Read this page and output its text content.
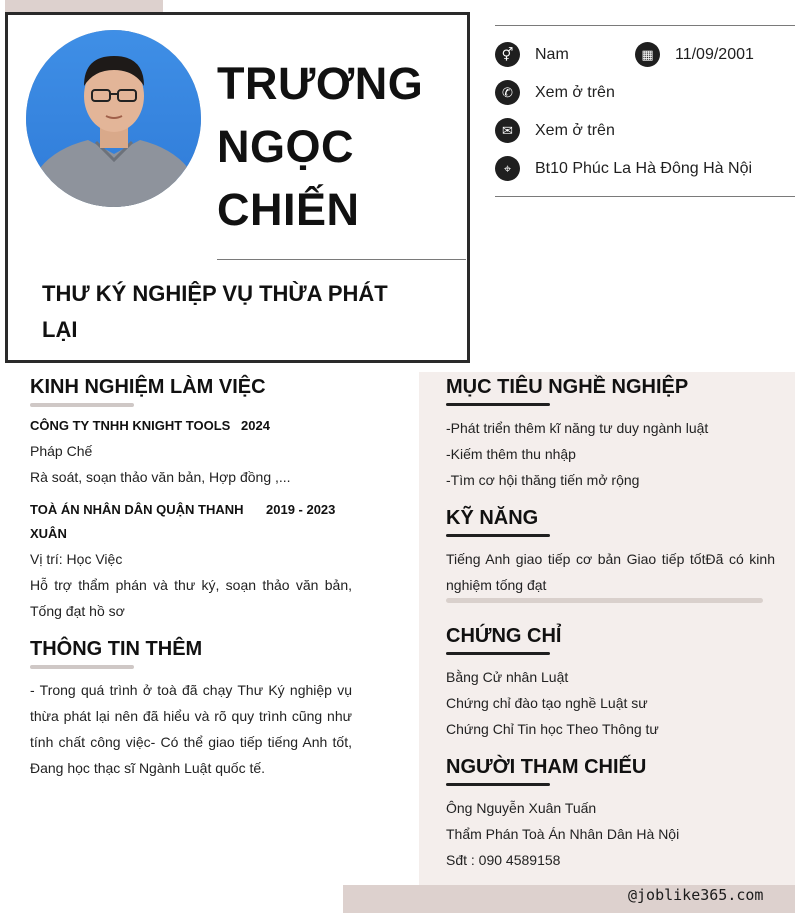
TRƯƠNG
NGỌC
CHIẾN
THƯ KÝ NGHIỆP VỤ THỪA PHÁT LẠI
⚥	Nam	▦	11/09/2001
✆	Xem ở trên
✉	Xem ở trên
⌖	Bt10 Phúc La Hà Đông Hà Nội
KINH NGHIỆM LÀM VIỆC
CÔNG TY TNHH KNIGHT TOOLS 2024
Pháp Chế
Rà soát, soạn thảo văn bản, Hợp đồng ,...
TOÀ ÁN NHÂN DÂN QUẬN THANH XUÂN
2019 - 2023
Vị trí: Học Việc
Hỗ trợ thẩm phán và thư ký, soạn thảo văn bản, Tống đạt hồ sơ
THÔNG TIN THÊM
- Trong quá trình ở toà đã chạy Thư Ký nghiệp vụ thừa phát lại nên đã hiểu và rõ quy trình cũng như tính chất công việc- Có thể giao tiếp tiếng Anh tốt, Đang học thạc sĩ Ngành Luật quốc tế.
MỤC TIÊU NGHỀ NGHIỆP
-Phát triển thêm kĩ năng tư duy ngành luật
-Kiếm thêm thu nhập
-Tìm cơ hội thăng tiến mở rộng
KỸ NĂNG
Tiếng Anh giao tiếp cơ bản Giao tiếp tốtĐã có kinh nghiệm tống đạt
CHỨNG CHỈ
Bằng Cử nhân Luật
Chứng chỉ đào tạo nghề Luật sư
Chứng Chỉ Tin học Theo Thông tư
NGƯỜI THAM CHIẾU
Ông Nguyễn Xuân Tuấn
Thẩm Phán Toà Án Nhân Dân Hà Nội
Sđt : 090 4589158
@joblike365.com
